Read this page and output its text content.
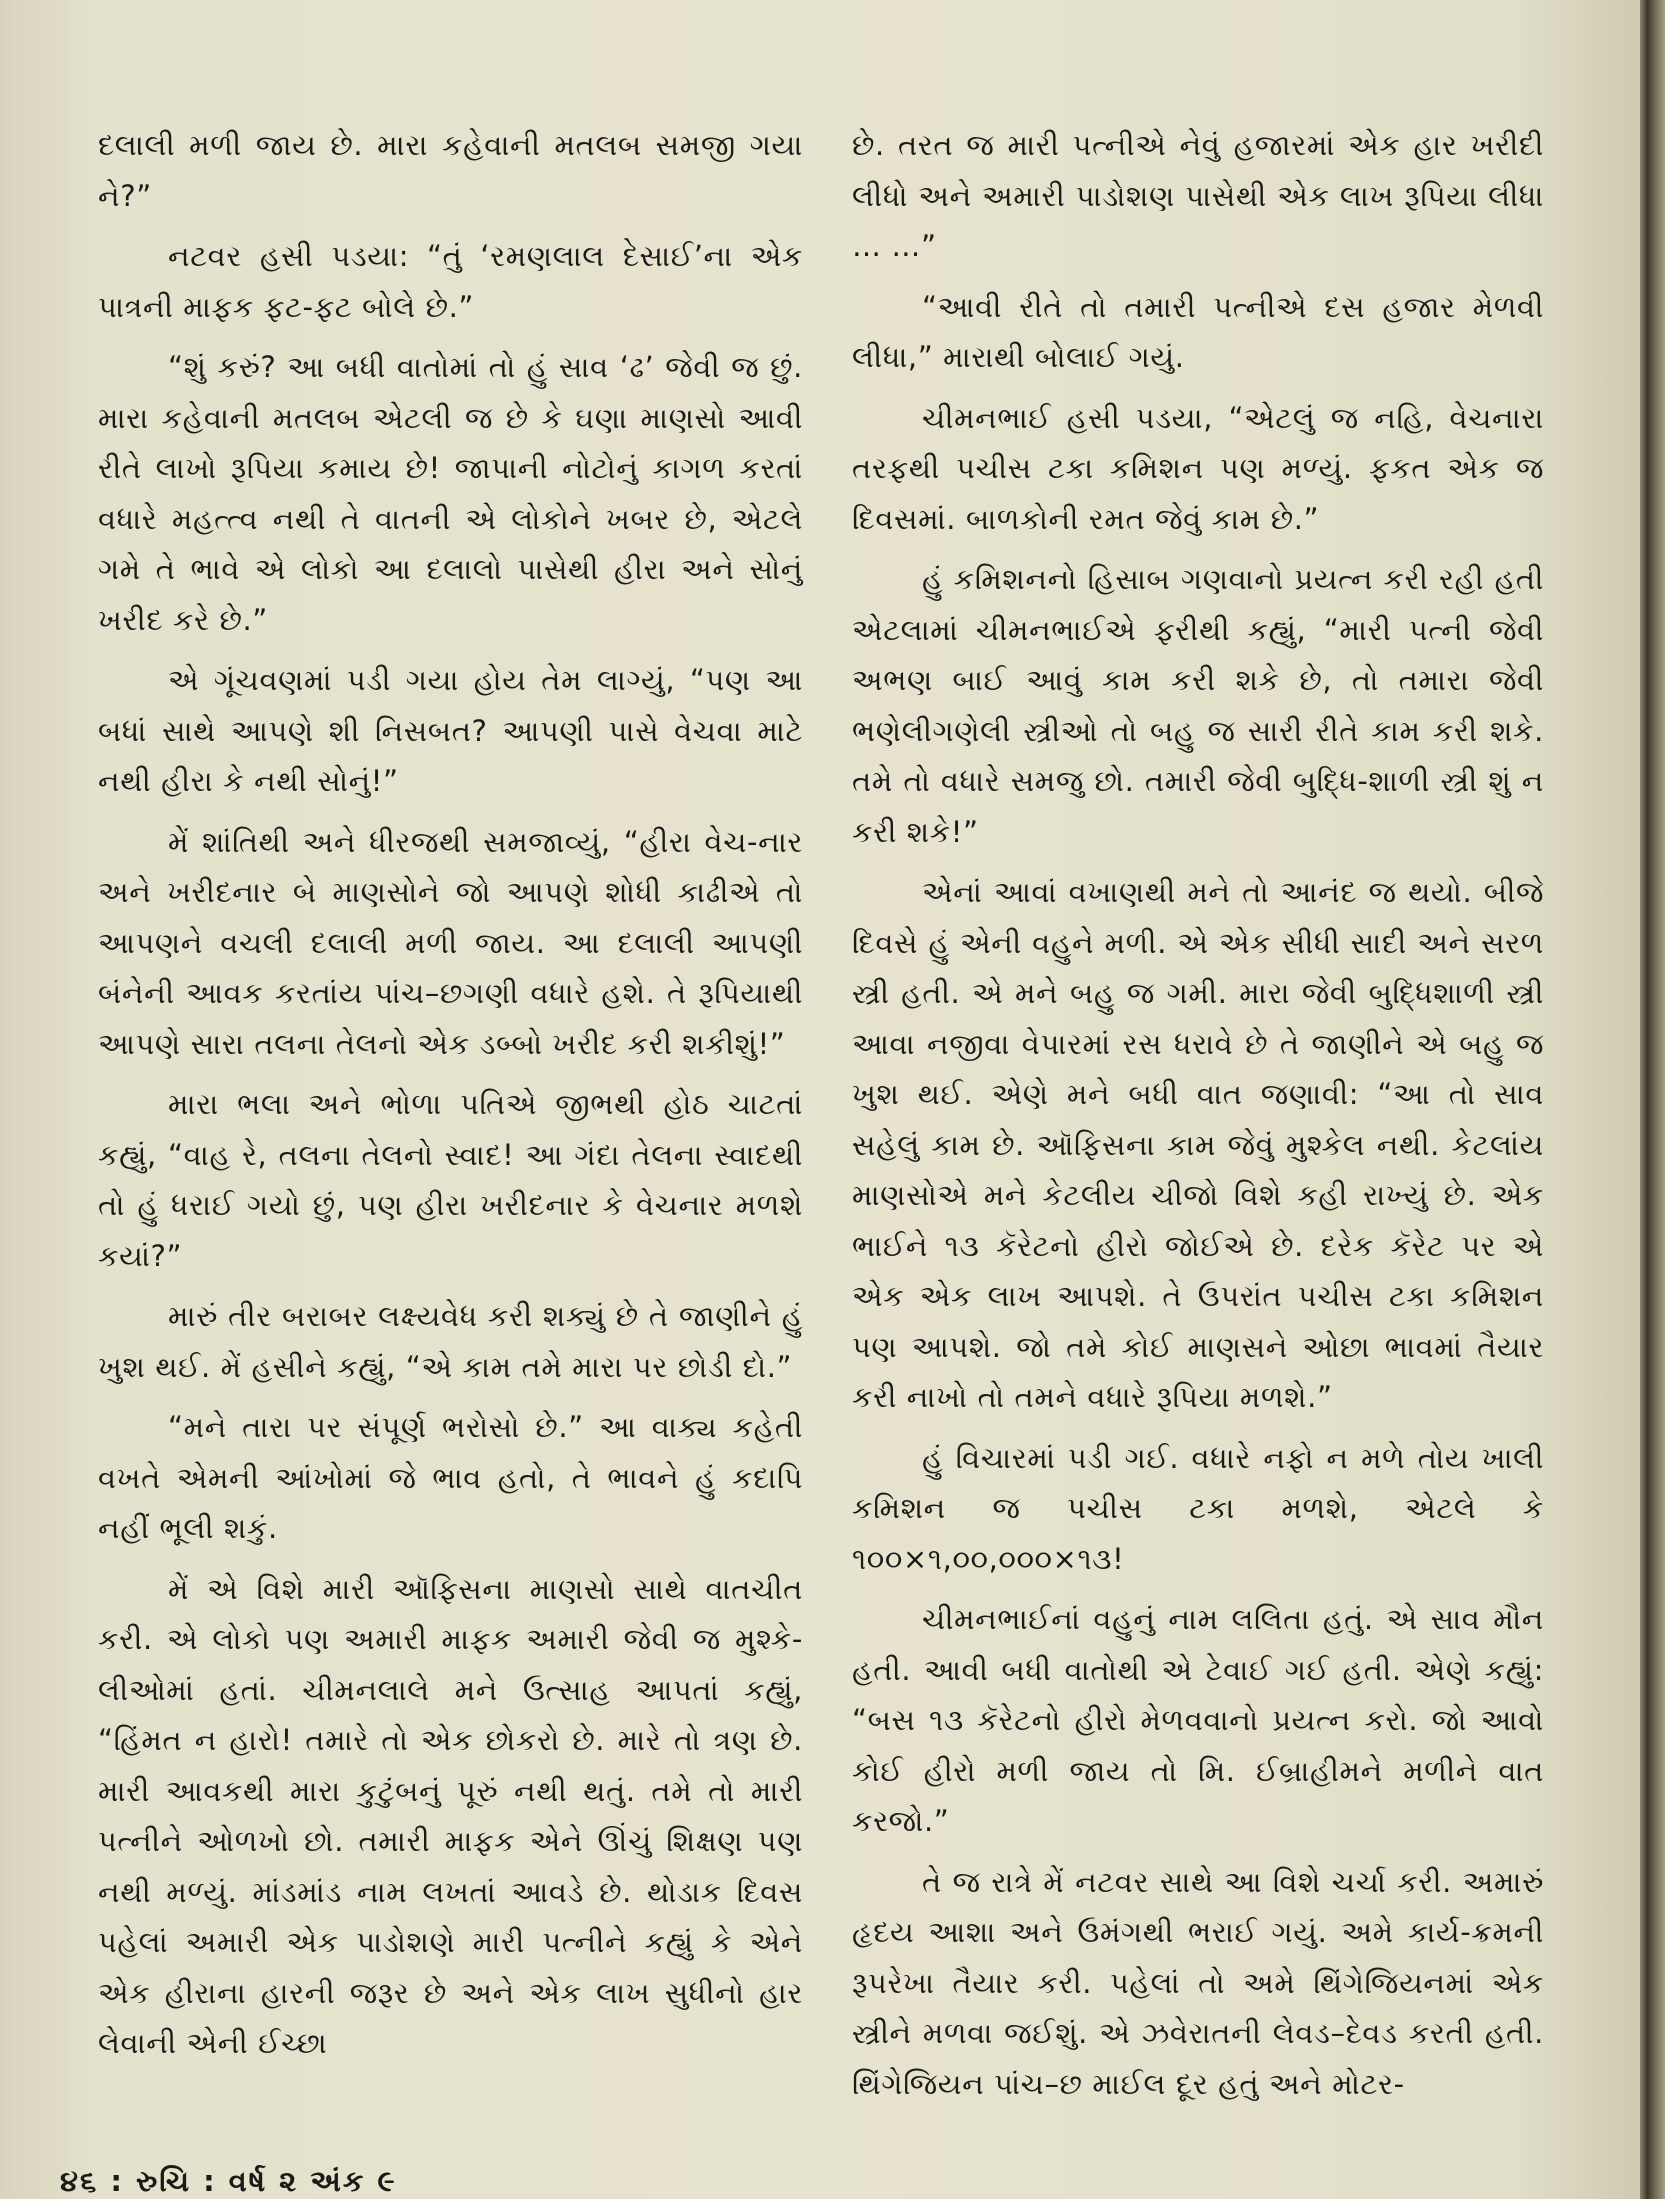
દલાલી મળી જાય છે. મારા કહેવાની મતલબ સમજી ગયા ને?”

નટવર હસી પડયા: “તું ‘રમણલાલ દેસાઈ’ના એક પાત્રની માફક ફટ-ફટ બોલે છે.”

“શું કરું? આ બધી વાતોમાં તો હું સાવ ‘ઢ’ જેવી જ છું. મારા કહેવાની મતલબ એટલી જ છે કે ઘણા માણસો આવી રીતે લાખો રૂપિયા કમાય છે! જાપાની નોટોનું કાગળ કરતાં વધારે મહત્ત્વ નથી તે વાતની એ લોકોને ખબર છે, એટલે ગમે તે ભાવે એ લોકો આ દલાલો પાસેથી હીરા અને સોનું ખરીદ કરે છે.”

એ ગૂંચવણમાં પડી ગયા હોય તેમ લાગ્યું, “પણ આ બધાં સાથે આપણે શી નિસબત? આપણી પાસે વેચવા માટે નથી હીરા કે નથી સોનું!”

મેં શાંતિથી અને ધીરજથી સમજાવ્યું, “હીરા વેચ-નાર અને ખરીદનાર બે માણસોને જો આપણે શોધી કાઢીએ તો આપણને વચલી દલાલી મળી જાય. આ દલાલી આપણી બંનેની આવક કરતાંય પાંચ–છગણી વધારે હશે. તે રૂપિયાથી આપણે સારા તલના તેલનો એક ડબ્બો ખરીદ કરી શકીશું!”

મારા ભલા અને ભોળા પતિએ જીભથી હોઠ ચાટતાં કહ્યું, “વાહ રે, તલના તેલનો સ્વાદ! આ ગંદા તેલના સ્વાદથી તો હું ધરાઈ ગયો છું, પણ હીરા ખરીદનાર કે વેચનાર મળશે કયાં?”

મારું તીર બરાબર લક્ષ્યવેધ કરી શક્યું છે તે જાણીને હું ખુશ થઈ. મેં હસીને કહ્યું, “એ કામ તમે મારા પર છોડી દો.”

“મને તારા પર સંપૂર્ણ ભરોસો છે.” આ વાક્ય કહેતી વખતે એમની આંખોમાં જે ભાવ હતો, તે ભાવને હું કદાપિ નહીં ભૂલી શકું.

મેં એ વિશે મારી ઑફિસના માણસો સાથે વાતચીત કરી. એ લોકો પણ અમારી માફક અમારી જેવી જ મુશ્કે-લીઓમાં હતાં. ચીમનલાલે મને ઉત્સાહ આપતાં કહ્યું, “હિંમત ન હારો! તમારે તો એક છોકરો છે. મારે તો ત્રણ છે. મારી આવકથી મારા કુટુંબનું પૂરું નથી થતું. તમે તો મારી પત્નીને ઓળખો છો. તમારી માફક એને ઊંચું શિક્ષણ પણ નથી મળ્યું. માંડમાંડ નામ લખતાં આવડે છે. થોડાક દિવસ પહેલાં અમારી એક પાડોશણે મારી પત્નીને કહ્યું કે એને એક હીરાના હારની જરૂર છે અને એક લાખ સુધીનો હાર લેવાની એની ઈચ્છા

છે. તરત જ મારી પત્નીએ નેવું હજારમાં એક હાર ખરીદી લીધો અને અમારી પાડોશણ પાસેથી એક લાખ રૂપિયા લીધા … …”

“આવી રીતે તો તમારી પત્નીએ દસ હજાર મેળવી લીધા,” મારાથી બોલાઈ ગયું.

ચીમનભાઈ હસી પડયા, “એટલું જ નહિ, વેચનારા તરફથી પચીસ ટકા કમિશન પણ મળ્યું. ફકત એક જ દિવસમાં. બાળકોની રમત જેવું કામ છે.”

હું કમિશનનો હિસાબ ગણવાનો પ્રયત્ન કરી રહી હતી એટલામાં ચીમનભાઈએ ફરીથી કહ્યું, “મારી પત્ની જેવી અભણ બાઈ આવું કામ કરી શકે છે, તો તમારા જેવી ભણેલીગણેલી સ્ત્રીઓ તો બહુ જ સારી રીતે કામ કરી શકે. તમે તો વધારે સમજુ છો. તમારી જેવી બુદ્ધિ-શાળી સ્ત્રી શું ન કરી શકે!”

એનાં આવાં વખાણથી મને તો આનંદ જ થયો. બીજે દિવસે હું એની વહુને મળી. એ એક સીધી સાદી અને સરળ સ્ત્રી હતી. એ મને બહુ જ ગમી. મારા જેવી બુદ્ધિશાળી સ્ત્રી આવા નજીવા વેપારમાં રસ ધરાવે છે તે જાણીને એ બહુ જ ખુશ થઈ. એણે મને બધી વાત જણાવી: “આ તો સાવ સહેલું કામ છે. ઑફિસના કામ જેવું મુશ્કેલ નથી. કેટલાંય માણસોએ મને કેટલીય ચીજો વિશે કહી રાખ્યું છે. એક ભાઈને ૧૩ કૅરેટનો હીરો જોઈએ છે. દરેક કૅરેટ પર એ એક એક લાખ આપશે. તે ઉપરાંત પચીસ ટકા કમિશન પણ આપશે. જો તમે કોઈ માણસને ઓછા ભાવમાં તૈયાર કરી નાખો તો તમને વધારે રૂપિયા મળશે.”

હું વિચારમાં પડી ગઈ. વધારે નફો ન મળે તોય ખાલી કમિશન જ પચીસ ટકા મળશે, એટલે કે ૧૦૦×૧,૦૦,૦૦૦×૧૩!

ચીમનભાઈનાં વહુનું નામ લલિતા હતું. એ સાવ મૌન હતી. આવી બધી વાતોથી એ ટેવાઈ ગઈ હતી. એણે કહ્યું: “બસ ૧૩ કૅરેટનો હીરો મેળવવાનો પ્રયત્ન કરો. જો આવો કોઈ હીરો મળી જાય તો મિ. ઈબ્રાહીમને મળીને વાત કરજો.”

તે જ રાત્રે મેં નટવર સાથે આ વિશે ચર્ચા કરી. અમારું હૃદય આશા અને ઉમંગથી ભરાઈ ગયું. અમે કાર્ય-ક્રમની રૂપરેખા તૈયાર કરી. પહેલાં તો અમે થિંગેજિયનમાં એક સ્ત્રીને મળવા જઈશું. એ ઝવેરાતની લેવડ–દેવડ કરતી હતી. થિંગેજિયન પાંચ–છ માઈલ દૂર હતું અને મોટર-

૪૬ : રુચિ : વર્ષ ૨ અંક ૯
